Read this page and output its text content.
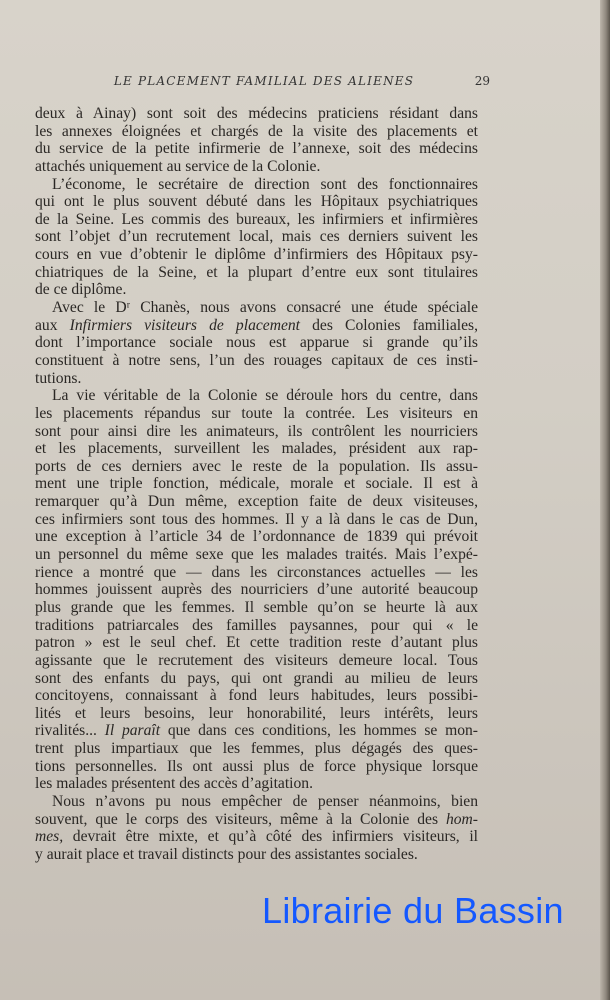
LE PLACEMENT FAMILIAL DES ALIENES	29
deux à Ainay) sont soit des médecins praticiens résidant dans
les annexes éloignées et chargés de la visite des placements et
du service de la petite infirmerie de l’annexe, soit des médecins
attachés uniquement au service de la Colonie.
L’économe, le secrétaire de direction sont des fonctionnaires
qui ont le plus souvent débuté dans les Hôpitaux psychiatriques
de la Seine. Les commis des bureaux, les infirmiers et infirmières
sont l’objet d’un recrutement local, mais ces derniers suivent les
cours en vue d’obtenir le diplôme d’infirmiers des Hôpitaux psy-
chiatriques de la Seine, et la plupart d’entre eux sont titulaires
de ce diplôme.
Avec le Dʳ Chanès, nous avons consacré une étude spéciale
aux Infirmiers visiteurs de placement des Colonies familiales,
dont l’importance sociale nous est apparue si grande qu’ils
constituent à notre sens, l’un des rouages capitaux de ces insti-
tutions.
La vie véritable de la Colonie se déroule hors du centre, dans
les placements répandus sur toute la contrée. Les visiteurs en
sont pour ainsi dire les animateurs, ils contrôlent les nourriciers
et les placements, surveillent les malades, président aux rap-
ports de ces derniers avec le reste de la population. Ils assu-
ment une triple fonction, médicale, morale et sociale. Il est à
remarquer qu’à Dun même, exception faite de deux visiteuses,
ces infirmiers sont tous des hommes. Il y a là dans le cas de Dun,
une exception à l’article 34 de l’ordonnance de 1839 qui prévoit
un personnel du même sexe que les malades traités. Mais l’expé-
rience a montré que — dans les circonstances actuelles — les
hommes jouissent auprès des nourriciers d’une autorité beaucoup
plus grande que les femmes. Il semble qu’on se heurte là aux
traditions patriarcales des familles paysannes, pour qui « le
patron » est le seul chef. Et cette tradition reste d’autant plus
agissante que le recrutement des visiteurs demeure local. Tous
sont des enfants du pays, qui ont grandi au milieu de leurs
concitoyens, connaissant à fond leurs habitudes, leurs possibi-
lités et leurs besoins, leur honorabilité, leurs intérêts, leurs
rivalités... Il paraît que dans ces conditions, les hommes se mon-
trent plus impartiaux que les femmes, plus dégagés des ques-
tions personnelles. Ils ont aussi plus de force physique lorsque
les malades présentent des accès d’agitation.
Nous n’avons pu nous empêcher de penser néanmoins, bien
souvent, que le corps des visiteurs, même à la Colonie des hom-
mes, devrait être mixte, et qu’à côté des infirmiers visiteurs, il
y aurait place et travail distincts pour des assistantes sociales.
Librairie du Bassin
